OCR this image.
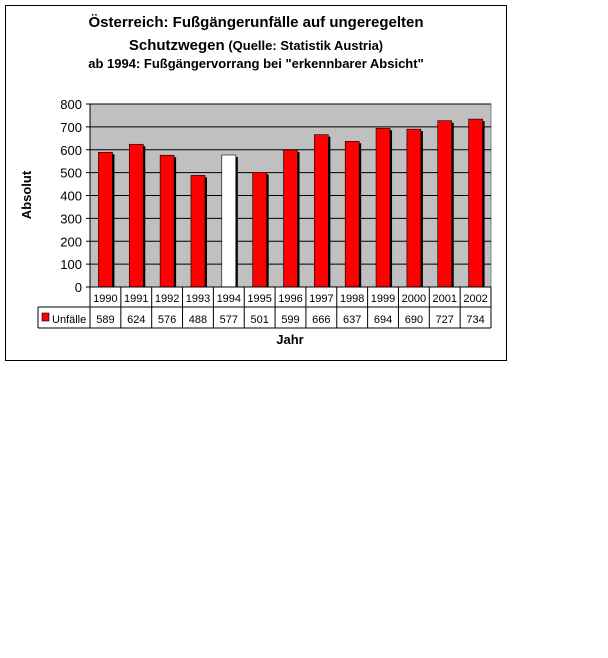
Österreich: Fußgängerunfälle auf ungeregelten
Schutzwegen (Quelle: Statistik Austria)
ab 1994: Fußgängervorrang bei "erkennbarer Absicht"
0
100
200
300
400
500
600
700
800
1990
589
1991
624
1992
576
1993
488
1994
577
1995
501
1996
599
1997
666
1998
637
1999
694
2000
690
2001
727
2002
734
Unfälle
Jahr
Absolut
